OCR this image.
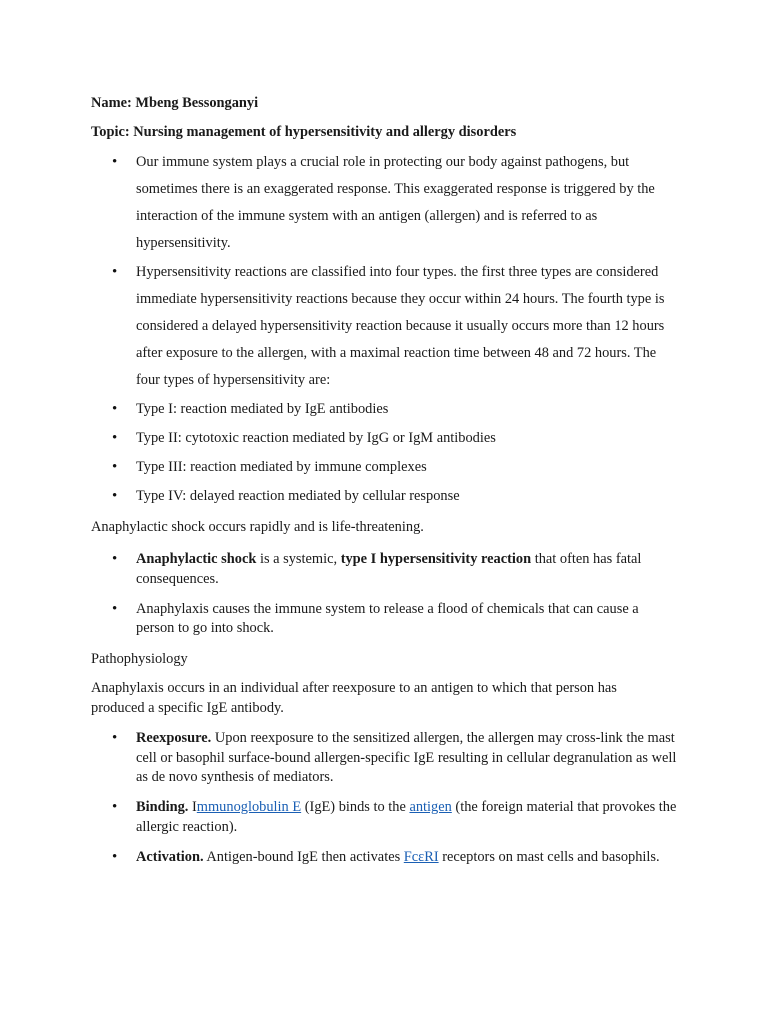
Name: Mbeng Bessonganyi
Topic: Nursing management of hypersensitivity and allergy disorders
• Our immune system plays a crucial role in protecting our body against pathogens, but sometimes there is an exaggerated response. This exaggerated response is triggered by the interaction of the immune system with an antigen (allergen) and is referred to as hypersensitivity.
• Hypersensitivity reactions are classified into four types. the first three types are considered immediate hypersensitivity reactions because they occur within 24 hours. The fourth type is considered a delayed hypersensitivity reaction because it usually occurs more than 12 hours after exposure to the allergen, with a maximal reaction time between 48 and 72 hours. The four types of hypersensitivity are:
• Type I: reaction mediated by IgE antibodies
• Type II: cytotoxic reaction mediated by IgG or IgM antibodies
• Type III: reaction mediated by immune complexes
• Type IV: delayed reaction mediated by cellular response
Anaphylactic shock occurs rapidly and is life-threatening.
• Anaphylactic shock is a systemic, type I hypersensitivity reaction that often has fatal consequences.
• Anaphylaxis causes the immune system to release a flood of chemicals that can cause a person to go into shock.
Pathophysiology
Anaphylaxis occurs in an individual after reexposure to an antigen to which that person has produced a specific IgE antibody.
• Reexposure. Upon reexposure to the sensitized allergen, the allergen may cross-link the mast cell or basophil surface-bound allergen-specific IgE resulting in cellular degranulation as well as de novo synthesis of mediators.
• Binding. Immunoglobulin E (IgE) binds to the antigen (the foreign material that provokes the allergic reaction).
• Activation. Antigen-bound IgE then activates FcεRI receptors on mast cells and basophils.
